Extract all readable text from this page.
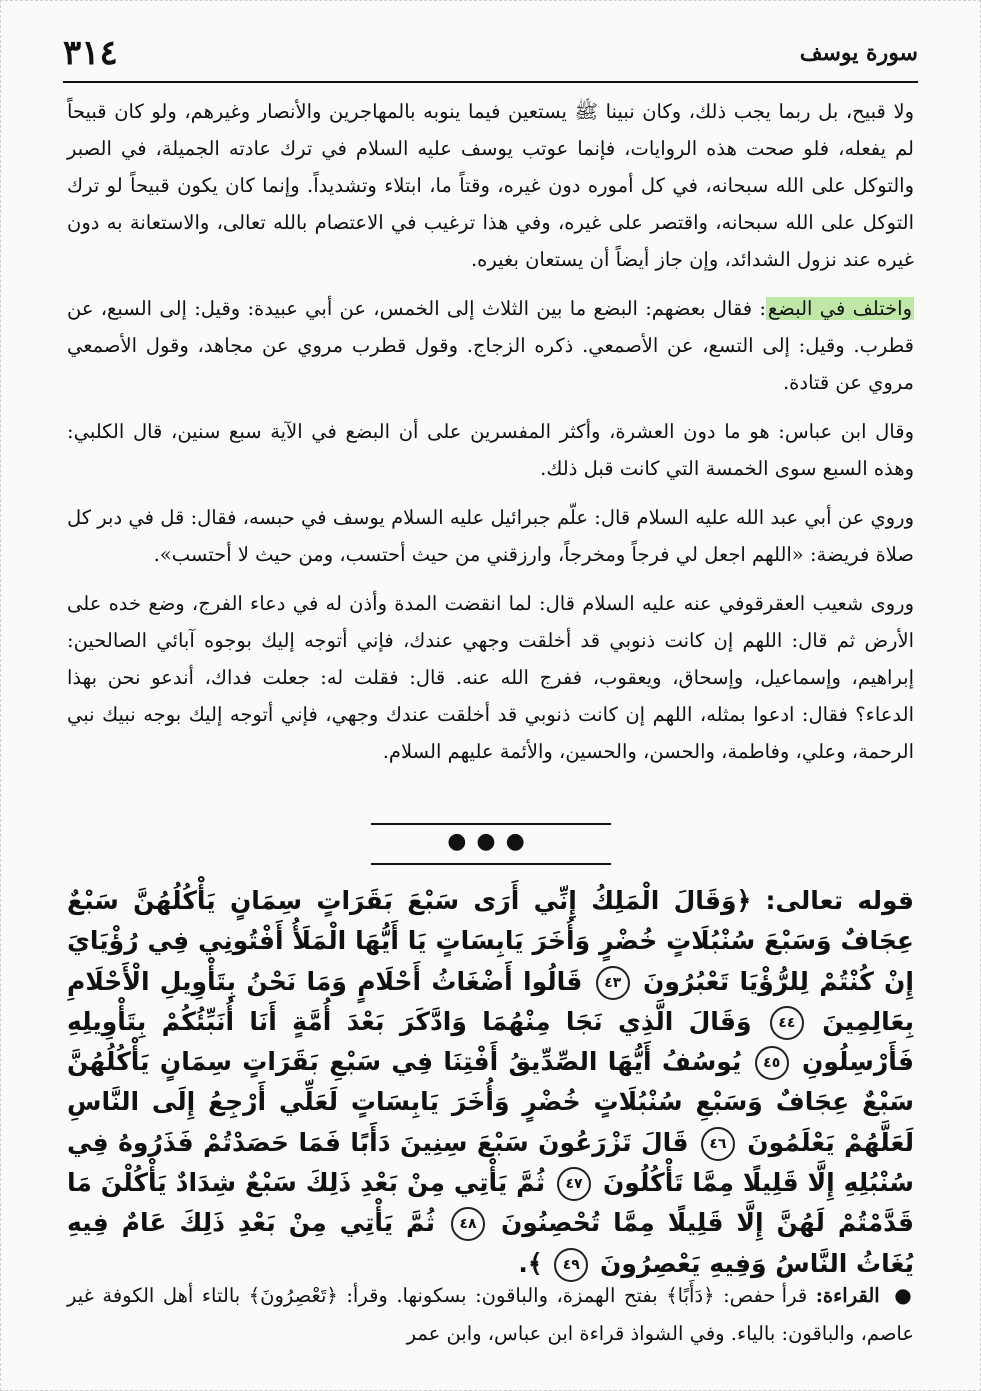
سورة يوسف
٣١٤

ولا قبيح، بل ربما يجب ذلك، وكان نبينا ﷺ يستعين فيما ينوبه بالمهاجرين والأنصار وغيرهم، ولو كان قبيحاً لم يفعله، فلو صحت هذه الروايات، فإنما عوتب يوسف عليه السلام في ترك عادته الجميلة، في الصبر والتوكل على الله سبحانه، في كل أموره دون غيره، وقتاً ما، ابتلاء وتشديداً. وإنما كان يكون قبيحاً لو ترك التوكل على الله سبحانه، واقتصر على غيره، وفي هذا ترغيب في الاعتصام بالله تعالى، والاستعانة به دون غيره عند نزول الشدائد، وإن جاز أيضاً أن يستعان بغيره.

واختلف في البضع: فقال بعضهم: البضع ما بين الثلاث إلى الخمس، عن أبي عبيدة: وقيل: إلى السبع، عن قطرب. وقيل: إلى التسع، عن الأصمعي. ذكره الزجاج. وقول قطرب مروي عن مجاهد، وقول الأصمعي مروي عن قتادة.

وقال ابن عباس: هو ما دون العشرة، وأكثر المفسرين على أن البضع في الآية سبع سنين، قال الكلبي: وهذه السبع سوى الخمسة التي كانت قبل ذلك.

وروي عن أبي عبد الله عليه السلام قال: علّم جبرائيل عليه السلام يوسف في حبسه، فقال: قل في دبر كل صلاة فريضة: «اللهم اجعل لي فرجاً ومخرجاً، وارزقني من حيث أحتسب، ومن حيث لا أحتسب».

وروى شعيب العقرقوفي عنه عليه السلام قال: لما انقضت المدة وأذن له في دعاء الفرج، وضع خده على الأرض ثم قال: اللهم إن كانت ذنوبي قد أخلقت وجهي عندك، فإني أتوجه إليك بوجوه آبائي الصالحين: إبراهيم، وإسماعيل، وإسحاق، ويعقوب، ففرج الله عنه. قال: فقلت له: جعلت فداك، أندعو نحن بهذا الدعاء؟ فقال: ادعوا بمثله، اللهم إن كانت ذنوبي قد أخلقت عندك وجهي، فإني أتوجه إليك بوجه نبيك نبي الرحمة، وعلي، وفاطمة، والحسن، والحسين، والأئمة عليهم السلام.

●●●
قوله تعالى: ﴿وَقَالَ الْمَلِكُ إِنِّي أَرَى سَبْعَ بَقَرَاتٍ سِمَانٍ يَأْكُلُهُنَّ سَبْعٌ عِجَافٌ وَسَبْعَ سُنْبُلَاتٍ خُضْرٍ وَأُخَرَ يَابِسَاتٍ يَا أَيُّهَا الْمَلَأُ أَفْتُونِي فِي رُؤْيَايَ إِنْ كُنْتُمْ لِلرُّؤْيَا تَعْبُرُونَ ٤٣ قَالُوا أَضْغَاثُ أَحْلَامٍ وَمَا نَحْنُ بِتَأْوِيلِ الْأَحْلَامِ بِعَالِمِينَ ٤٤ وَقَالَ الَّذِي نَجَا مِنْهُمَا وَادَّكَرَ بَعْدَ أُمَّةٍ أَنَا أُنَبِّئُكُمْ بِتَأْوِيلِهِ فَأَرْسِلُونِ ٤٥ يُوسُفُ أَيُّهَا الصِّدِّيقُ أَفْتِنَا فِي سَبْعِ بَقَرَاتٍ سِمَانٍ يَأْكُلُهُنَّ سَبْعٌ عِجَافٌ وَسَبْعِ سُنْبُلَاتٍ خُضْرٍ وَأُخَرَ يَابِسَاتٍ لَعَلِّي أَرْجِعُ إِلَى النَّاسِ لَعَلَّهُمْ يَعْلَمُونَ ٤٦ قَالَ تَزْرَعُونَ سَبْعَ سِنِينَ دَأَبًا فَمَا حَصَدْتُمْ فَذَرُوهُ فِي سُنْبُلِهِ إِلَّا قَلِيلًا مِمَّا تَأْكُلُونَ ٤٧ ثُمَّ يَأْتِي مِنْ بَعْدِ ذَلِكَ سَبْعٌ شِدَادٌ يَأْكُلْنَ مَا قَدَّمْتُمْ لَهُنَّ إِلَّا قَلِيلًا مِمَّا تُحْصِنُونَ ٤٨ ثُمَّ يَأْتِي مِنْ بَعْدِ ذَلِكَ عَامٌ فِيهِ يُغَاثُ النَّاسُ وَفِيهِ يَعْصِرُونَ ٤٩ ﴾.
● القراءة: قرأ حفص: ﴿دَأَبًا﴾ بفتح الهمزة، والباقون: بسكونها. وقرأ: ﴿تَعْصِرُونَ﴾ بالتاء أهل الكوفة غير عاصم، والباقون: بالياء. وفي الشواذ قراءة ابن عباس، وابن عمر
